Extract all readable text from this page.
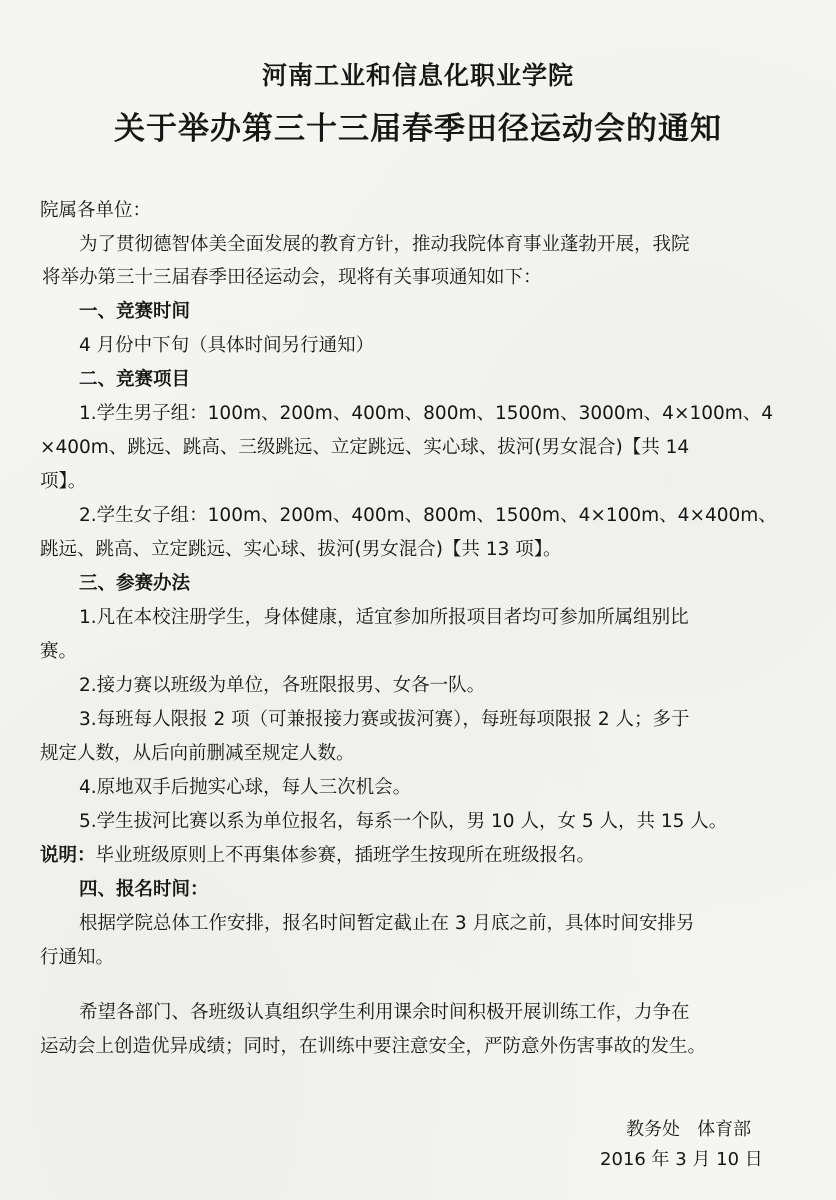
河南工业和信息化职业学院
关于举办第三十三届春季田径运动会的通知
院属各单位：
为了贯彻德智体美全面发展的教育方针，推动我院体育事业蓬勃开展，我院
将举办第三十三届春季田径运动会，现将有关事项通知如下：
一、竞赛时间
4 月份中下旬（具体时间另行通知）
二、竞赛项目
1.学生男子组：100m、200m、400m、800m、1500m、3000m、4×100m、4
×400m、跳远、跳高、三级跳远、立定跳远、实心球、拔河(男女混合)【共 14
项】。
2.学生女子组：100m、200m、400m、800m、1500m、4×100m、4×400m、
跳远、跳高、立定跳远、实心球、拔河(男女混合)【共 13 项】。
三、参赛办法
1.凡在本校注册学生，身体健康，适宜参加所报项目者均可参加所属组别比
赛。
2.接力赛以班级为单位，各班限报男、女各一队。
3.每班每人限报 2 项（可兼报接力赛或拔河赛），每班每项限报 2 人；多于
规定人数，从后向前删减至规定人数。
4.原地双手后抛实心球，每人三次机会。
5.学生拔河比赛以系为单位报名，每系一个队，男 10 人，女 5 人，共 15 人。
说明：毕业班级原则上不再集体参赛，插班学生按现所在班级报名。
四、报名时间：
根据学院总体工作安排，报名时间暂定截止在 3 月底之前，具体时间安排另
行通知。
希望各部门、各班级认真组织学生利用课余时间积极开展训练工作，力争在
运动会上创造优异成绩；同时，在训练中要注意安全，严防意外伤害事故的发生。
教务处   体育部
2016 年 3 月 10 日
